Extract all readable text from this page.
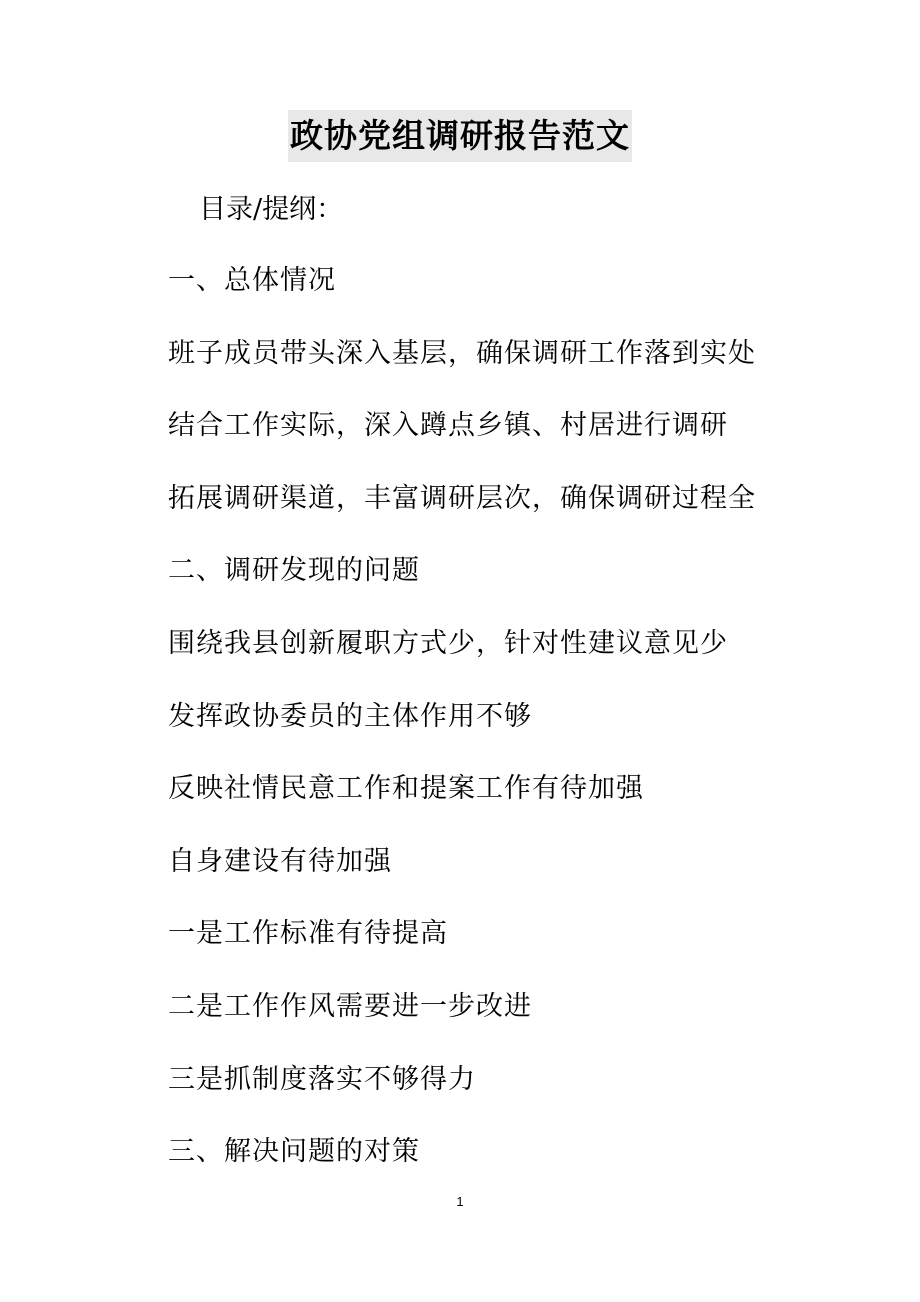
政协党组调研报告范文
目录/提纲：
一、总体情况
班子成员带头深入基层，确保调研工作落到实处
结合工作实际，深入蹲点乡镇、村居进行调研
拓展调研渠道，丰富调研层次，确保调研过程全
二、调研发现的问题
围绕我县创新履职方式少，针对性建议意见少
发挥政协委员的主体作用不够
反映社情民意工作和提案工作有待加强
自身建设有待加强
一是工作标准有待提高
二是工作作风需要进一步改进
三是抓制度落实不够得力
三、解决问题的对策
1
